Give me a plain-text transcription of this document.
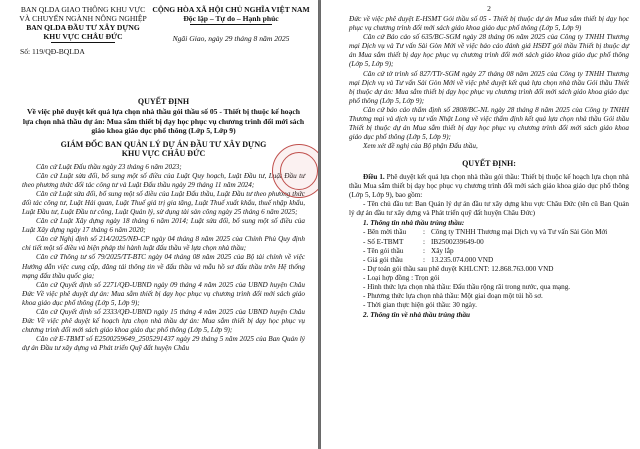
BAN QLDA GIAO THÔNG KHU VỰC
VÀ CHUYỂN NGÀNH NÔNG NGHIỆP
BAN QLDA ĐẦU TƯ XÂY DỰNG
KHU VỰC CHÂU ĐỨC
Số: 119/QĐ-BQLDA
CỘNG HÒA XÃ HỘI CHỦ NGHĨA VIỆT NAM
Độc lập – Tự do – Hạnh phúc
Ngãi Giao, ngày 29 tháng 8 năm 2025
QUYẾT ĐỊNH
Về việc phê duyệt kết quả lựa chọn nhà thầu gói thầu số 05 - Thiết bị thuộc kế hoạch lựa chọn nhà thầu dự án: Mua sắm thiết bị dạy học phục vụ chương trình đổi mới sách giáo khoa giáo dục phổ thông (Lớp 5, Lớp 9)
GIÁM ĐỐC BAN QUẢN LÝ DỰ ÁN ĐẦU TƯ XÂY DỰNG
KHU VỰC CHÂU ĐỨC

Căn cứ Luật Đấu thầu ngày 23 tháng 6 năm 2023;

Căn cứ Luật sửa đổi, bổ sung một số điều của Luật Quy hoạch, Luật Đầu tư, Luật Đầu tư theo phương thức đối tác công tư và Luật Đấu thầu ngày 29 tháng 11 năm 2024;

Căn cứ Luật sửa đổi, bổ sung một số điều của Luật Đấu thầu, Luật Đầu tư theo phương thức đối tác công tư, Luật Hải quan, Luật Thuế giá trị gia tăng, Luật Thuế xuất khẩu, thuế nhập khẩu, Luật Đầu tư, Luật Đầu tư công, Luật Quản lý, sử dụng tài sản công ngày 25 tháng 6 năm 2025;

Căn cứ Luật Xây dựng ngày 18 tháng 6 năm 2014; Luật sửa đổi, bổ sung một số điều của Luật Xây dựng ngày 17 tháng 6 năm 2020;

Căn cứ Nghị định số 214/2025/NĐ-CP ngày 04 tháng 8 năm 2025 của Chính Phủ Quy định chi tiết một số điều và biện pháp thi hành luật đấu thầu về lựa chọn nhà thầu;

Căn cứ Thông tư số 79/2025/TT-BTC ngày 04 tháng 08 năm 2025 của Bộ tài chính về việc Hướng dẫn việc cung cấp, đăng tải thông tin về đấu thầu và mẫu hồ sơ đấu thầu trên Hệ thống mạng đấu thầu quốc gia;

Căn cứ Quyết định số 2271/QĐ-UBND ngày 09 tháng 4 năm 2025 của UBND huyện Châu Đức Về việc phê duyệt dự án: Mua sắm thiết bị dạy học phục vụ chương trình đổi mới sách giáo khoa giáo dục phổ thông (Lớp 5, Lớp 9);

Căn cứ Quyết định số 2333/QĐ-UBND ngày 15 tháng 4 năm 2025 của UBND huyện Châu Đức Về việc phê duyệt kế hoạch lựa chọn nhà thầu dự án: Mua sắm thiết bị dạy học phục vụ chương trình đổi mới sách giáo khoa giáo dục phổ thông (Lớp 5, Lớp 9);

Căn cứ E-TBMT số E2500259649_2505291437 ngày 29 tháng 5 năm 2025 của Ban Quản lý dự án Đầu tư xây dựng và Phát triển Quỹ đất huyện Châu

2

Đức về việc phê duyệt E-HSMT Gói thầu số 05 - Thiết bị thuộc dự án Mua sắm thiết bị dạy học phục vụ chương trình đổi mới sách giáo khoa giáo dục phổ thông (Lớp 5, Lớp 9)

Căn cứ Báo cáo số 635/BC-SGM ngày 28 tháng 06 năm 2025 của Công ty TNHH Thương mại Dịch vụ và Tư vấn Sài Gòn Mới về việc báo cáo đánh giá HSĐT gói thầu Thiết bị thuộc dự án Mua sắm thiết bị dạy học phục vụ chương trình đổi mới sách giáo khoa giáo dục phổ thông (Lớp 5, Lớp 9);

Căn cứ tờ trình số 827/TTr-SGM ngày 27 tháng 08 năm 2025 của Công ty TNHH Thương mại Dịch vụ và Tư vấn Sài Gòn Mới về việc phê duyệt kết quả lựa chọn nhà thầu Gói thầu Thiết bị thuộc dự án: Mua sắm thiết bị dạy học phục vụ chương trình đổi mới sách giáo khoa giáo dục phổ thông (Lớp 5, Lớp 9);

Căn cứ báo cáo thẩm định số 2808/BC-NL ngày 28 tháng 8 năm 2025 của Công ty TNHH Thương mại và dịch vụ tư vấn Nhật Long về việc thẩm định kết quả lựa chọn nhà thầu Gói thầu Thiết bị thuộc dự án Mua sắm thiết bị dạy học phục vụ chương trình đổi mới sách giáo khoa giáo dục phổ thông (Lớp 5, Lớp 9);

Xem xét đề nghị của Bộ phận Đấu thầu,

QUYẾT ĐỊNH:

Điều 1. Phê duyệt kết quả lựa chọn nhà thầu gói thầu: Thiết bị thuộc kế hoạch lựa chọn nhà thầu Mua sắm thiết bị dạy học phục vụ chương trình đổi mới sách giáo khoa giáo dục phổ thông (Lớp 5, Lớp 9), bao gồm:

- Tên chủ đầu tư: Ban Quản lý dự án đầu tư xây dựng khu vực Châu Đức (tên cũ Ban Quản lý dự án đầu tư xây dựng và Phát triển quỹ đất huyện Châu Đức)

1. Thông tin nhà thầu trúng thầu:

- Bên mời thầu	: Công ty TNHH Thương mại Dịch vụ và Tư vấn Sài Gòn Mới
- Số E-TBMT	: IB2500239649-00
- Tên gói thầu	: Xây lắp
- Giá gói thầu	: 13.235.074.000 VND

- Dự toán gói thầu sau phê duyệt KHLCNT: 12.868.763.000 VND

- Loại hợp đồng : Trọn gói

- Hình thức lựa chọn nhà thầu: Đấu thầu rộng rãi trong nước, qua mạng.

- Phương thức lựa chọn nhà thầu: Một giai đoạn một túi hồ sơ.

- Thời gian thực hiện gói thầu: 30 ngày.

2. Thông tin về nhà thầu trúng thầu
